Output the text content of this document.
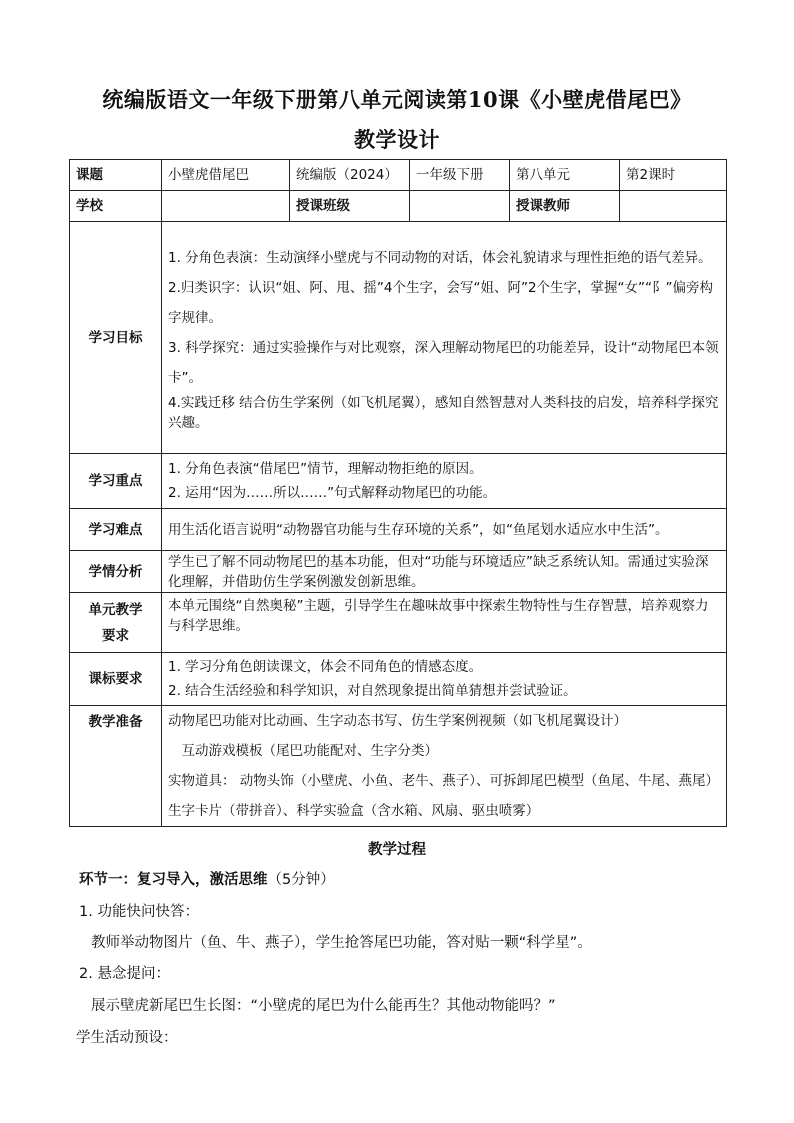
统编版语文一年级下册第八单元阅读第10课《小壁虎借尾巴》
教学设计
课题	小壁虎借尾巴	统编版（2024）	一年级下册	第八单元	第2课时
学校		授课班级		授课教师	
学习目标	1. 分角色表演：生动演绎小壁虎与不同动物的对话，体会礼貌请求与理性拒绝的语气差异。

2.归类识字：认识“姐、阿、甩、摇”4个生字，会写“姐、阿”2个生字，掌握“女”“阝”偏旁构字规律。

3. 科学探究：通过实验操作与对比观察，深入理解动物尾巴的功能差异，设计“动物尾巴本领卡”。

4.实践迁移 结合仿生学案例（如飞机尾翼），感知自然智慧对人类科技的启发，培养科学探究兴趣。				

学习重点	1. 分角色表演“借尾巴”情节，理解动物拒绝的原因。

2. 运用“因为……所以……”句式解释动物尾巴的功能。				

学习难点	用生活化语言说明“动物器官功能与生存环境的关系”，如“鱼尾划水适应水中生活”。				

学情分析	学生已了解不同动物尾巴的基本功能，但对“功能与环境适应”缺乏系统认知。需通过实验深化理解，并借助仿生学案例激发创新思维。				

单元教学
要求	本单元围绕“自然奥秘”主题，引导学生在趣味故事中探索生物特性与生存智慧，培养观察力与科学思维。				

课标要求	1. 学习分角色朗读课文，体会不同角色的情感态度。

2. 结合生活经验和科学知识，对自然现象提出简单猜想并尝试验证。				

教学准备	动物尾巴功能对比动画、生字动态书写、仿生学案例视频（如飞机尾翼设计）

　互动游戏模板（尾巴功能配对、生字分类）

实物道具： 动物头饰（小壁虎、小鱼、老牛、燕子）、可拆卸尾巴模型（鱼尾、牛尾、燕尾）　生字卡片（带拼音）、科学实验盒（含水箱、风扇、驱虫喷雾）				

教学过程
环节一：复习导入，激活思维（5分钟）
1. 功能快问快答：
教师举动物图片（鱼、牛、燕子），学生抢答尾巴功能，答对贴一颗“科学星”。
2. 悬念提问：
展示壁虎新尾巴生长图：“小壁虎的尾巴为什么能再生？其他动物能吗？”
学生活动预设：
